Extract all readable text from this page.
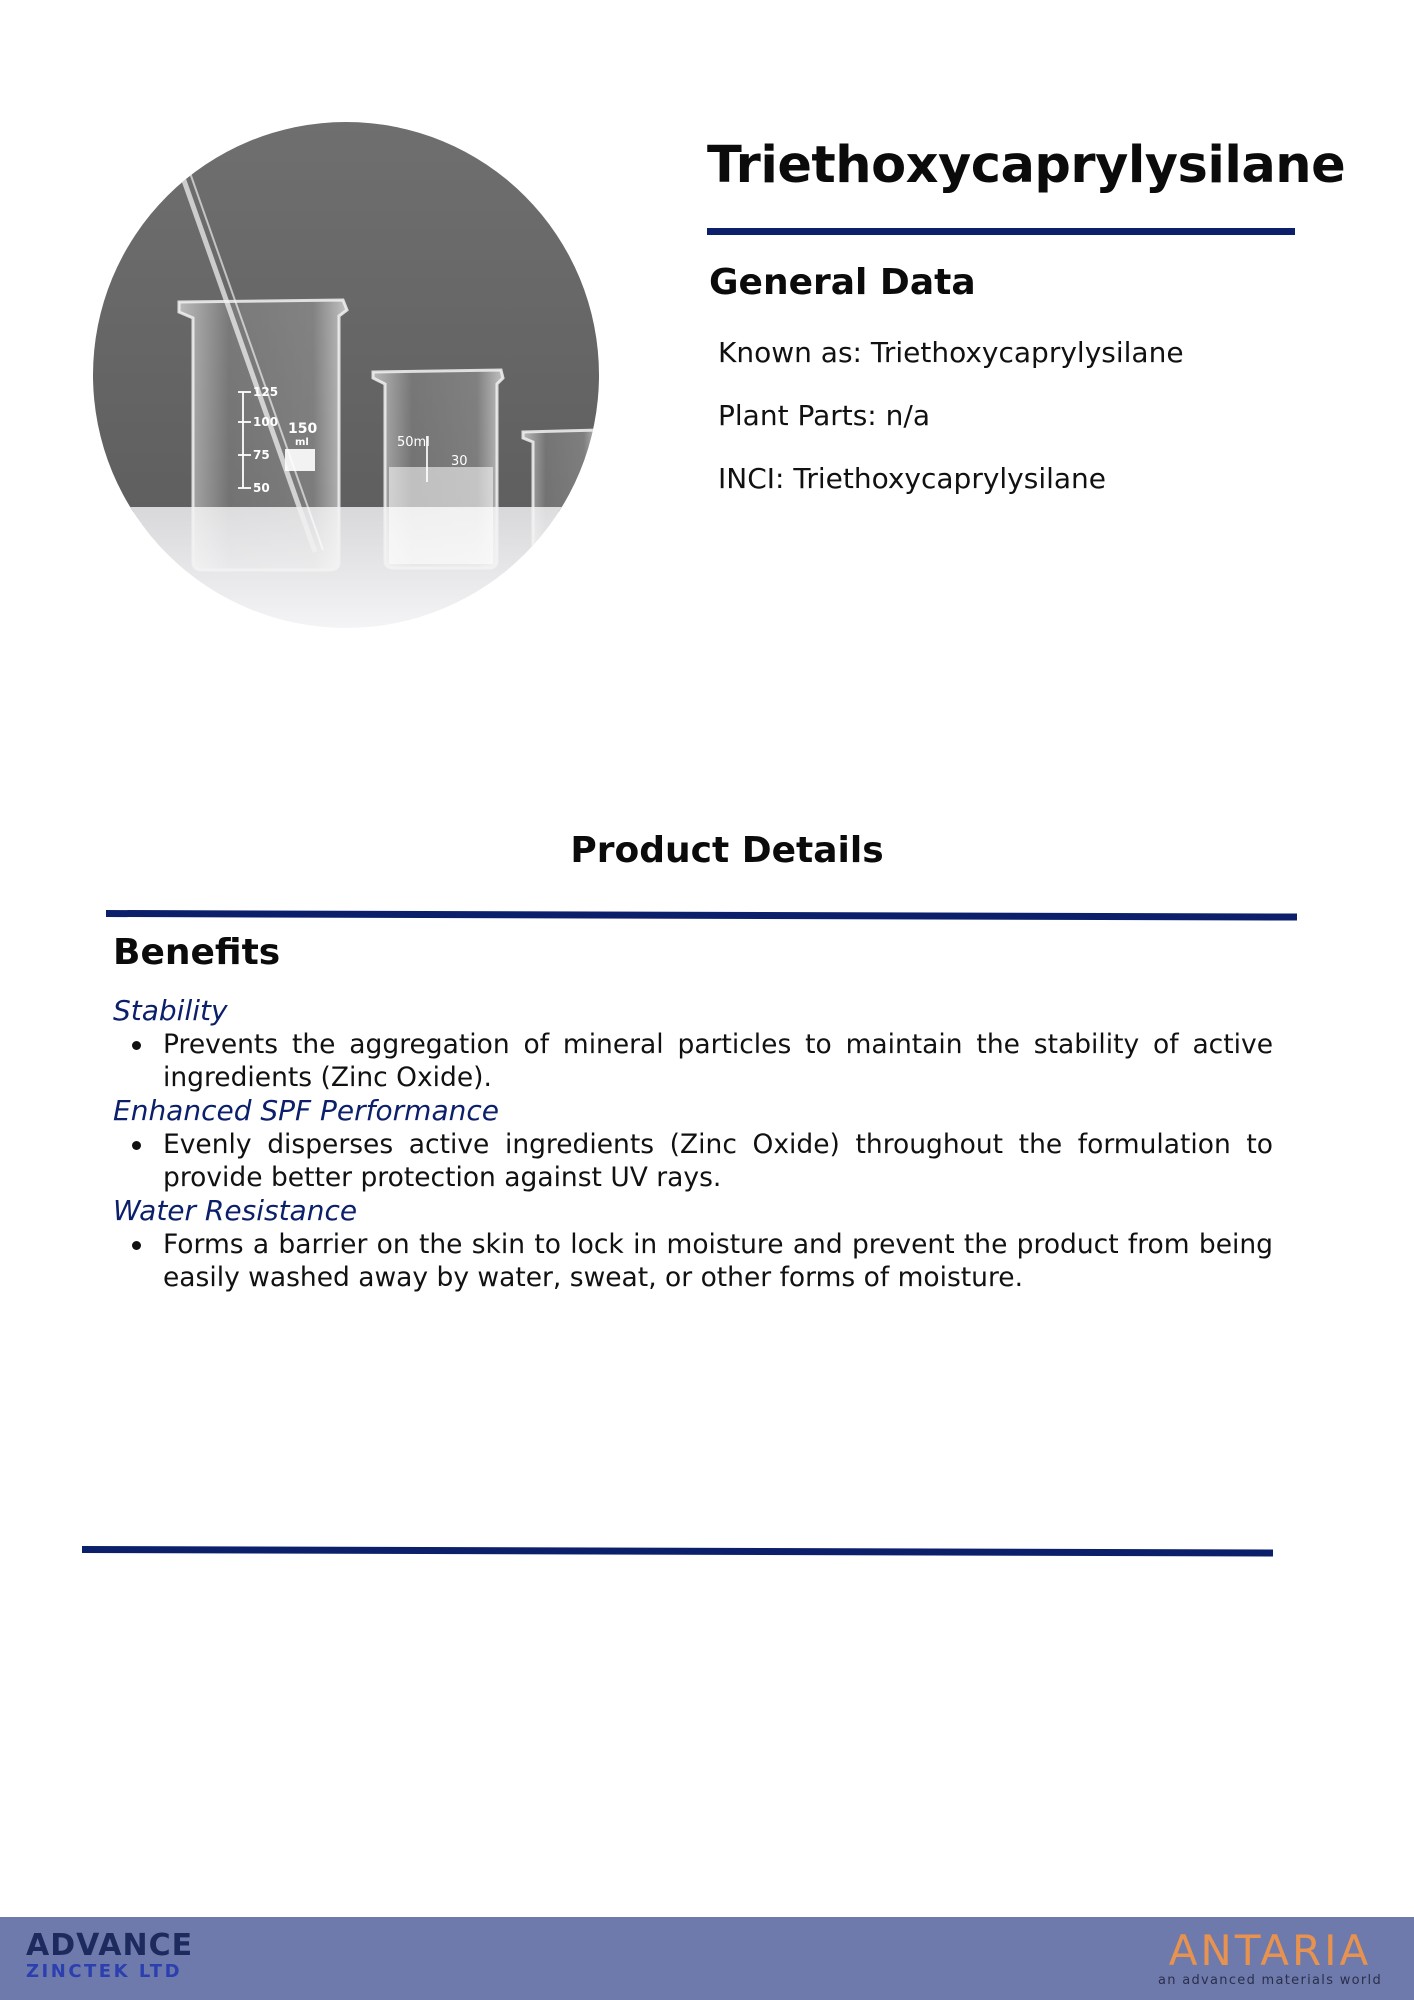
125
100 150
ml
75
50
50ml
30
Triethoxycaprylysilane
General Data
Known as: Triethoxycaprylysilane
Plant Parts: n/a
INCI: Triethoxycaprylysilane
Product Details
Benefits
Stability
Prevents the aggregation of mineral particles to maintain the stability of active ingredients (Zinc Oxide).
Enhanced SPF Performance
Evenly disperses active ingredients (Zinc Oxide) throughout the formulation to provide better protection against UV rays.
Water Resistance
Forms a barrier on the skin to lock in moisture and prevent the product from being easily washed away by water, sweat, or other forms of moisture.
ADVANCE
ZINCTEK LTD	ANTARIA
an advanced materials world
